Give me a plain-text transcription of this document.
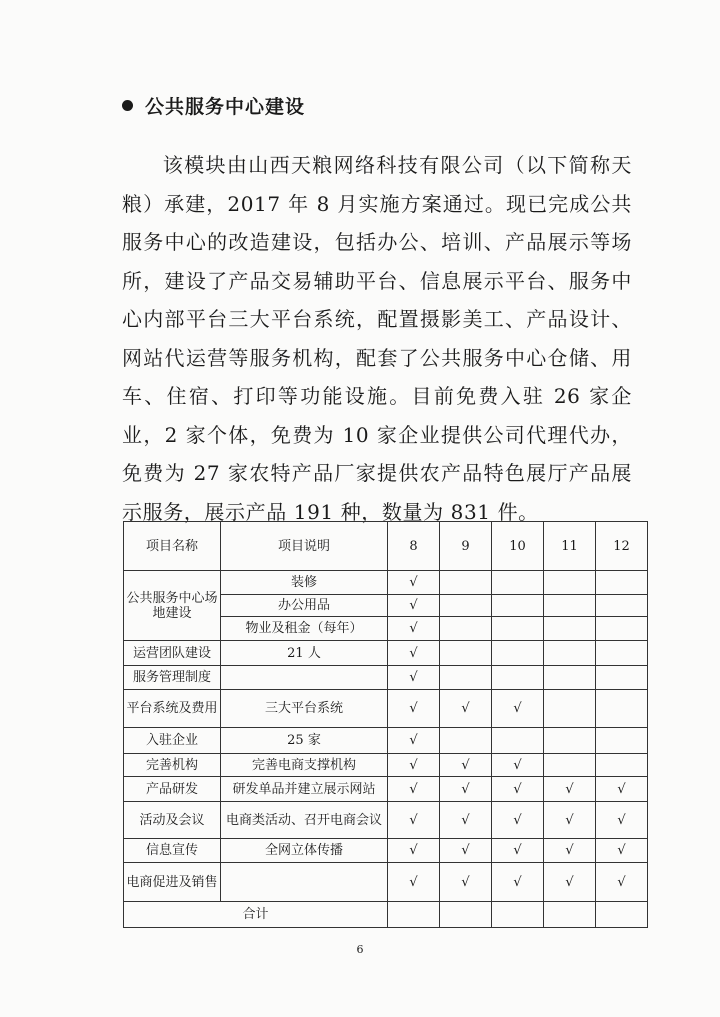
公共服务中心建设

该模块由山西天粮网络科技有限公司（以下简称天粮）承建，2017 年 8 月实施方案通过。现已完成公共服务中心的改造建设，包括办公、培训、产品展示等场所，建设了产品交易辅助平台、信息展示平台、服务中心内部平台三大平台系统，配置摄影美工、产品设计、网站代运营等服务机构，配套了公共服务中心仓储、用车、住宿、打印等功能设施。目前免费入驻 26 家企业，2 家个体，免费为 10 家企业提供公司代理代办，免费为 27 家农特产品厂家提供农产品特色展厅产品展示服务，展示产品 191 种，数量为 831 件。

项目名称	项目说明	8	9	10	11	12
公共服务中心场地建设	装修	√				
	办公用品	√				
	物业及租金（每年）	√				
运营团队建设	21 人	√				
服务管理制度		√				
平台系统及费用	三大平台系统	√	√	√		
入驻企业	25 家	√				
完善机构	完善电商支撑机构	√	√	√		
产品研发	研发单品并建立展示网站	√	√	√	√	√
活动及会议	电商类活动、召开电商会议	√	√	√	√	√
信息宣传	全网立体传播	√	√	√	√	√
电商促进及销售		√	√	√	√	√
合计						
6
